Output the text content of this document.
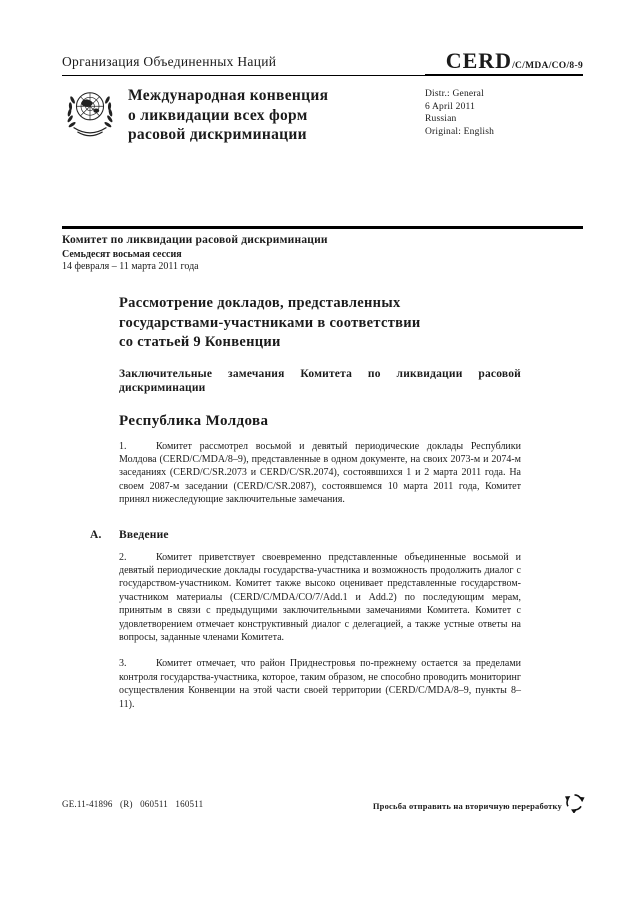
Организация Объединенных Наций	CERD/C/MDA/CO/8-9
Международная конвенция
о ликвидации всех форм
расовой дискриминации
Distr.: General
6 April 2011
Russian
Original: English
Комитет по ликвидации расовой дискриминации
Семьдесят восьмая сессия
14 февраля – 11 марта 2011 года
Рассмотрение докладов, представленных
государствами-участниками в соответствии
со статьей 9 Конвенции
Заключительные замечания Комитета по ликвидации расовой дискриминации
Республика Молдова

1.	Комитет рассмотрел восьмой и девятый периодические доклады Республики Молдова (CERD/C/MDA/8–9), представленные в одном документе, на своих 2073-м и 2074-м заседаниях (CERD/C/SR.2073 и CERD/C/SR.2074), состоявшихся 1 и 2 марта 2011 года. На своем 2087-м заседании (CERD/C/SR.2087), состоявшемся 10 марта 2011 года, Комитет принял нижеследующие заключительные замечания.

A. Введение

2.	Комитет приветствует своевременно представленные объединенные восьмой и девятый периодические доклады государства-участника и возможность продолжить диалог с государством-участником. Комитет также высоко оценивает представленные государством-участником материалы (CERD/C/MDA/CO/7/Add.1 и Add.2) по последующим мерам, принятым в связи с предыдущими заключительными замечаниями Комитета. Комитет с удовлетворением отмечает конструктивный диалог с делегацией, а также устные ответы на вопросы, заданные членами Комитета.

3.	Комитет отмечает, что район Приднестровья по-прежнему остается за пределами контроля государства-участника, которое, таким образом, не способно проводить мониторинг осуществления Конвенции на этой части своей территории (CERD/C/MDA/8–9, пункты 8–11).

GE.11-41896 (R) 060511 160511	Просьба отправить на вторичную переработку
